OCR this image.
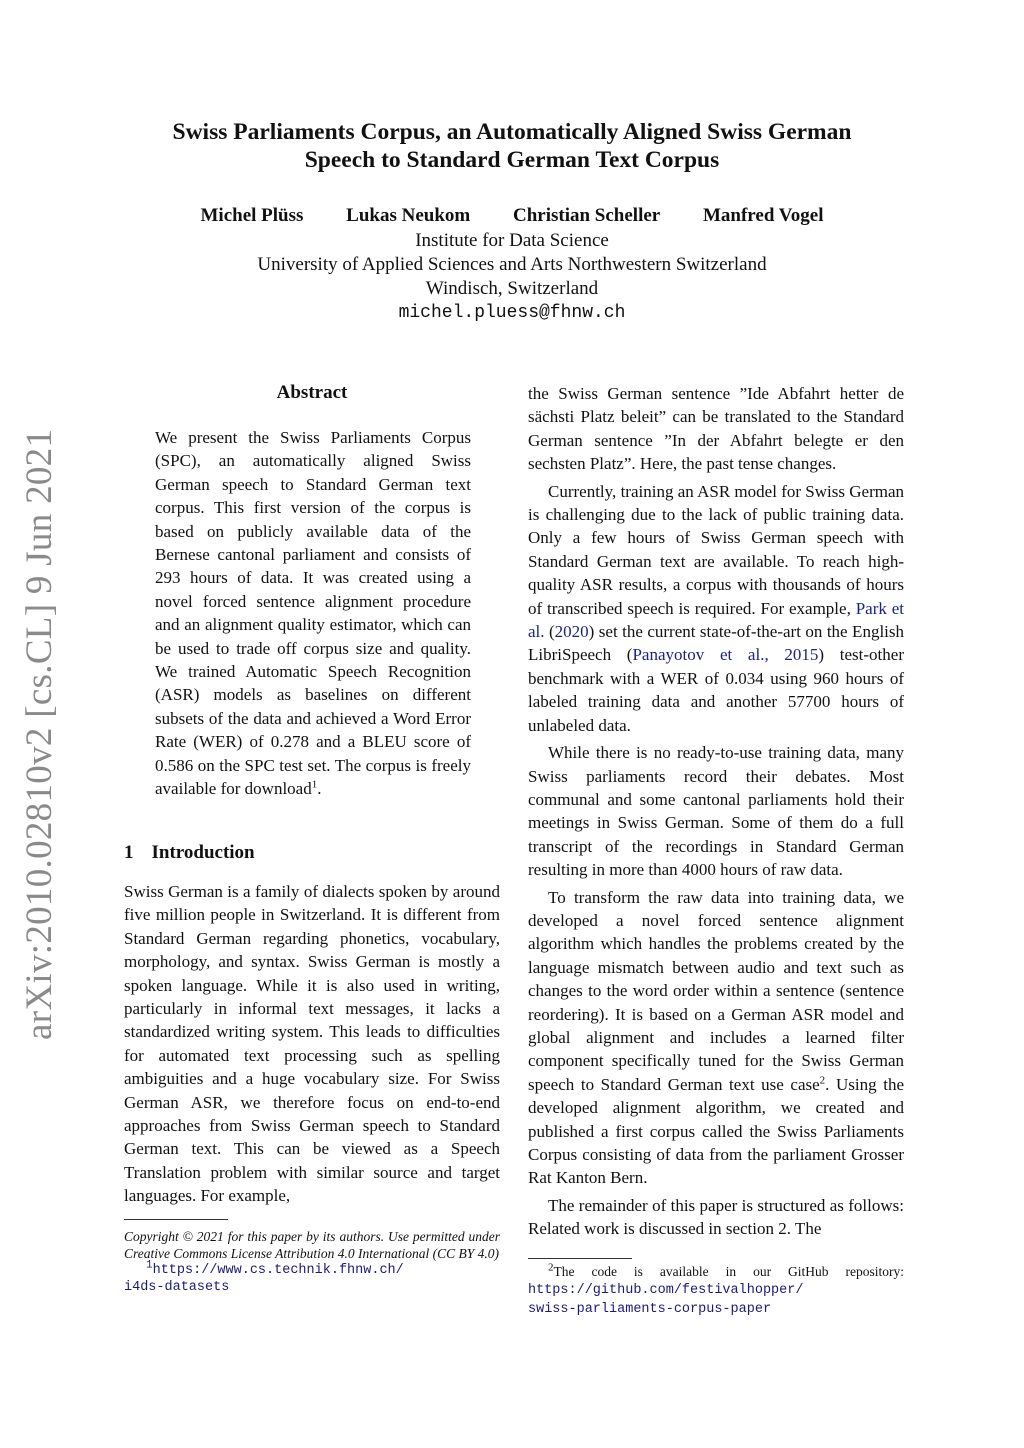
arXiv:2010.02810v2 [cs.CL] 9 Jun 2021
Swiss Parliaments Corpus, an Automatically Aligned Swiss German
Speech to Standard German Text Corpus
Michel Plüss Lukas Neukom Christian Scheller Manfred Vogel
Institute for Data Science
University of Applied Sciences and Arts Northwestern Switzerland
Windisch, Switzerland
michel.pluess@fhnw.ch
Abstract

We present the Swiss Parliaments Corpus (SPC), an automatically aligned Swiss German speech to Standard German text corpus. This first version of the corpus is based on publicly available data of the Bernese cantonal parliament and consists of 293 hours of data. It was created using a novel forced sentence alignment procedure and an alignment quality estimator, which can be used to trade off corpus size and quality. We trained Automatic Speech Recognition (ASR) models as baselines on different subsets of the data and achieved a Word Error Rate (WER) of 0.278 and a BLEU score of 0.586 on the SPC test set. The corpus is freely available for download$^1$.

1 Introduction

Swiss German is a family of dialects spoken by around five million people in Switzerland. It is different from Standard German regarding phonetics, vocabulary, morphology, and syntax. Swiss German is mostly a spoken language. While it is also used in writing, particularly in informal text messages, it lacks a standardized writing system. This leads to difficulties for automated text processing such as spelling ambiguities and a huge vocabulary size. For Swiss German ASR, we therefore focus on end-to-end approaches from Swiss German speech to Standard German text. This can be viewed as a Speech Translation problem with similar source and target languages. For example,

Copyright © 2021 for this paper by its authors. Use permitted under Creative Commons License Attribution 4.0 International (CC BY 4.0)

$^1$https://www.cs.technik.fhnw.ch/
i4ds-datasets

the Swiss German sentence ”Ide Abfahrt hetter de sächsti Platz beleit” can be translated to the Standard German sentence ”In der Abfahrt belegte er den sechsten Platz”. Here, the past tense changes.

Currently, training an ASR model for Swiss German is challenging due to the lack of public training data. Only a few hours of Swiss German speech with Standard German text are available. To reach high-quality ASR results, a corpus with thousands of hours of transcribed speech is required. For example, Park et al. (2020) set the current state-of-the-art on the English LibriSpeech (Panayotov et al., 2015) test-other benchmark with a WER of 0.034 using 960 hours of labeled training data and another 57700 hours of unlabeled data.

While there is no ready-to-use training data, many Swiss parliaments record their debates. Most communal and some cantonal parliaments hold their meetings in Swiss German. Some of them do a full transcript of the recordings in Standard German resulting in more than 4000 hours of raw data.

To transform the raw data into training data, we developed a novel forced sentence alignment algorithm which handles the problems created by the language mismatch between audio and text such as changes to the word order within a sentence (sentence reordering). It is based on a German ASR model and global alignment and includes a learned filter component specifically tuned for the Swiss German speech to Standard German text use case$^2$. Using the developed alignment algorithm, we created and published a first corpus called the Swiss Parliaments Corpus consisting of data from the parliament Grosser Rat Kanton Bern.

The remainder of this paper is structured as follows: Related work is discussed in section 2. The

$^2$The code is available in our GitHub repository: https://github.com/festivalhopper/
swiss-parliaments-corpus-paper
